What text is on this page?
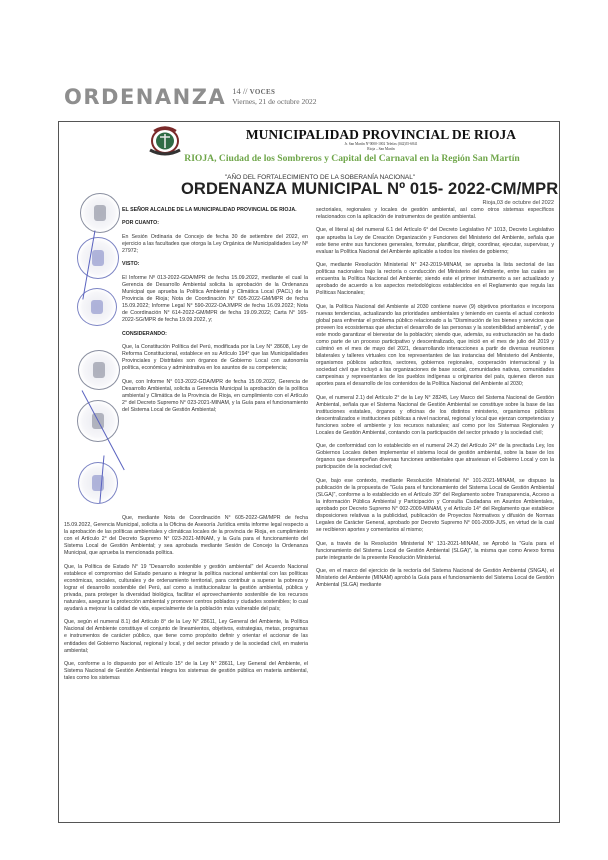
ORDENANZA 14 // VOCES
Viernes, 21 de octubre 2022
MUNICIPALIDAD PROVINCIAL DE RIOJA
Jr. San Martín N°0000-1002 Telefax (042)55-6841
Rioja – San Martín
RIOJA, Ciudad de los Sombreros y Capital del Carnaval en la Región San Martín
"AÑO DEL FORTALECIMIENTO DE LA SOBERANÍA NACIONAL"
ORDENANZA MUNICIPAL Nº 015- 2022-CM/MPR
Rioja,03 de octubre del 2022

EL SEÑOR ALCALDE DE LA MUNICIPALIDAD PROVINCIAL DE RIOJA.

POR CUANTO:

En Sesión Ordinaria de Concejo de fecha 30 de setiembre del 2022, en ejercicio a las facultades que otorga la Ley Orgánica de Municipalidades Ley Nº 27972;

VISTO:

El Informe Nº 013-2022-GDA/MPR de fecha 15.09.2022, mediante el cual la Gerencia de Desarrollo Ambiental solicita la aprobación de la Ordenanza Municipal que aprueba la Política Ambiental y Climática Local (PACL) de la Provincia de Rioja; Nota de Coordinación N° 605-2022-GM/MPR de fecha 15.09.2022; Informe Legal N° 590-2022-OAJ/MPR de fecha 16.09.2022; Nota de Coordinación N° 614-2022-GM/MPR de fecha 19.09.2022; Carta N° 165-2022-SG/MPR de fecha 19.09.2022, y;

CONSIDERANDO:

Que, la Constitución Política del Perú, modificada por la Ley N° 28608, Ley de Reforma Constitucional, establece en su Artículo 194° que las Municipalidades Provinciales y Distritales son órganos de Gobierno Local con autonomía política, económica y administrativa en los asuntos de su competencia;

Que, con Informe N° 013-2022-GDA/MPR de fecha 15.09.2022, Gerencia de Desarrollo Ambiental, solicita a Gerencia Municipal la aprobación de la política ambiental y Climática de la Provincia de Rioja, en cumplimiento con el Artículo 2° del Decreto Supremo N° 023-2021-MINAM, y la Guía para el funcionamiento del Sistema Local de Gestión Ambiental;

Que, mediante Nota de Coordinación N° 605-2022-GM/MPR de fecha 15.09.2022, Gerencia Municipal, solicita a la Oficina de Asesoría Jurídica emita informe legal respecto a la aprobación de las políticas ambientales y climáticas locales de la provincia de Rioja, en cumplimiento con el Artículo 2° del Decreto Supremo N° 023-2021-MINAM, y la Guía para el funcionamiento del Sistema Local de Gestión Ambiental; y sea aprobada mediante Sesión de Concejo la Ordenanza Municipal, que aprueba la mencionada política.

Que, la Política de Estado N° 19 "Desarrollo sostenible y gestión ambiental" del Acuerdo Nacional establece el compromiso del Estado peruano a integrar la política nacional ambiental con las políticas económicas, sociales, culturales y de ordenamiento territorial, para contribuir a superar la pobreza y lograr el desarrollo sostenible del Perú, así como a institucionalizar la gestión ambiental, pública y privada, para proteger la diversidad biológica, facilitar el aprovechamiento sostenible de los recursos naturales, asegurar la protección ambiental y promover centros poblados y ciudades sostenibles; lo cual ayudará a mejorar la calidad de vida, especialmente de la población más vulnerable del país;

Que, según el numeral 8.1) del Artículo 8° de la Ley N° 28611, Ley General del Ambiente, la Política Nacional del Ambiente constituye el conjunto de lineamientos, objetivos, estrategias, metas, programas e instrumentos de carácter público, que tiene como propósito definir y orientar el accionar de las entidades del Gobierno Nacional, regional y local, y del sector privado y de la sociedad civil, en materia ambiental;

Que, conforme a lo dispuesto por el Artículo 15° de la Ley N° 28611, Ley General del Ambiente, el Sistema Nacional de Gestión Ambiental integra los sistemas de gestión pública en materia ambiental, tales como los sistemas

sectoriales, regionales y locales de gestión ambiental, así como otros sistemas específicos relacionados con la aplicación de instrumentos de gestión ambiental.

Que, el literal a) del numeral 6.1 del Artículo 6° del Decreto Legislativo N° 1013, Decreto Legislativo que aprueba la Ley de Creación Organización y Funciones del Ministerio del Ambiente, señala que este tiene entre sus funciones generales, formular, planificar, dirigir, coordinar, ejecutar, supervisar, y evaluar la Política Nacional del Ambiente aplicable a todos los niveles de gobierno;

Que, mediante Resolución Ministerial N° 242-2019-MINAM, se aprueba la lista sectorial de las políticas nacionales bajo la rectoría o conducción del Ministerio del Ambiente, entre las cuales se encuentra la Política Nacional del Ambiente; siendo este el primer instrumento a ser actualizado y aprobado de acuerdo a los aspectos metodológicos establecidos en el Reglamento que regula las Políticas Nacionales;

Que, la Política Nacional del Ambiente al 2030 contiene nueve (9) objetivos prioritarios e incorpora nuevas tendencias, actualizando las prioridades ambientales y teniendo en cuenta el actual contexto global para enfrentar el problema público relacionado a la "Disminución de los bienes y servicios que proveen los ecosistemas que afectan el desarrollo de las personas y la sostenibilidad ambiental", y de este modo garantizar el bienestar de la población; siendo que, además, su estructuración se ha dado como parte de un proceso participativo y descentralizado, que inició en el mes de julio del 2019 y culminó en el mes de mayo del 2021, desarrollando interacciones a partir de diversas reuniones bilaterales y talleres virtuales con los representantes de las instancias del Ministerio del Ambiente, organismos públicos adscritos, sectores, gobiernos regionales, cooperación internacional y la sociedad civil que incluyó a las organizaciones de base social, comunidades nativas, comunidades campesinas y representantes de los pueblos indígenas u originarios del país, quienes dieron sus aportes para el desarrollo de los contenidos de la Política Nacional del Ambiente al 2030;

Que, el numeral 2.1) del Artículo 2° de la Ley N° 28245, Ley Marco del Sistema Nacional de Gestión Ambiental, señala que el Sistema Nacional de Gestión Ambiental se constituye sobre la base de las instituciones estatales, órganos y oficinas de los distintos ministerio, organismos públicos descentralizados e instituciones públicas a nivel nacional, regional y local que ejerzan competencias y funciones sobre el ambiente y los recursos naturales; así como por los Sistemas Regionales y Locales de Gestión Ambiental, contando con la participación del sector privado y la sociedad civil;

Que, de conformidad con lo establecido en el numeral 24.2) del Artículo 24° de la precitada Ley, los Gobiernos Locales deben implementar el sistema local de gestión ambiental, sobre la base de los órganos que desempeñan diversas funciones ambientales que atraviesan el Gobierno Local y con la participación de la sociedad civil;

Que, bajo ese contexto, mediante Resolución Ministerial N° 101-2021-MINAM, se dispuso la publicación de la propuesta de "Guía para el funcionamiento del Sistema Local de Gestión Ambiental (SLGA)", conforme a lo establecido en el Artículo 39° del Reglamento sobre Transparencia, Acceso a la información Pública Ambiental y Participación y Consulta Ciudadana en Asuntos Ambientales, aprobado por Decreto Supremo N° 002-2009-MINAM, y el Artículo 14° del Reglamento que establece disposiciones relativas a la publicidad, publicación de Proyectos Normativos y difusión de Normas Legales de Carácter General, aprobado por Decreto Supremo N° 001-2009-JUS, en virtud de la cual se recibieron aportes y comentarios al mismo;

Que, a través de la Resolución Ministerial N° 131-2021-MINAM, se Aprobó la "Guía para el funcionamiento del Sistema Local de Gestión Ambiental (SLGA)", la misma que como Anexo forma parte integrante de la presente Resolución Ministerial.

Que, en el marco del ejercicio de la rectoría del Sistema Nacional de Gestión Ambiental (SNGA), el Ministerio del Ambiente (MINAM) aprobó la Guía para el funcionamiento del Sistema Local de Gestión Ambiental (SLGA) mediante
